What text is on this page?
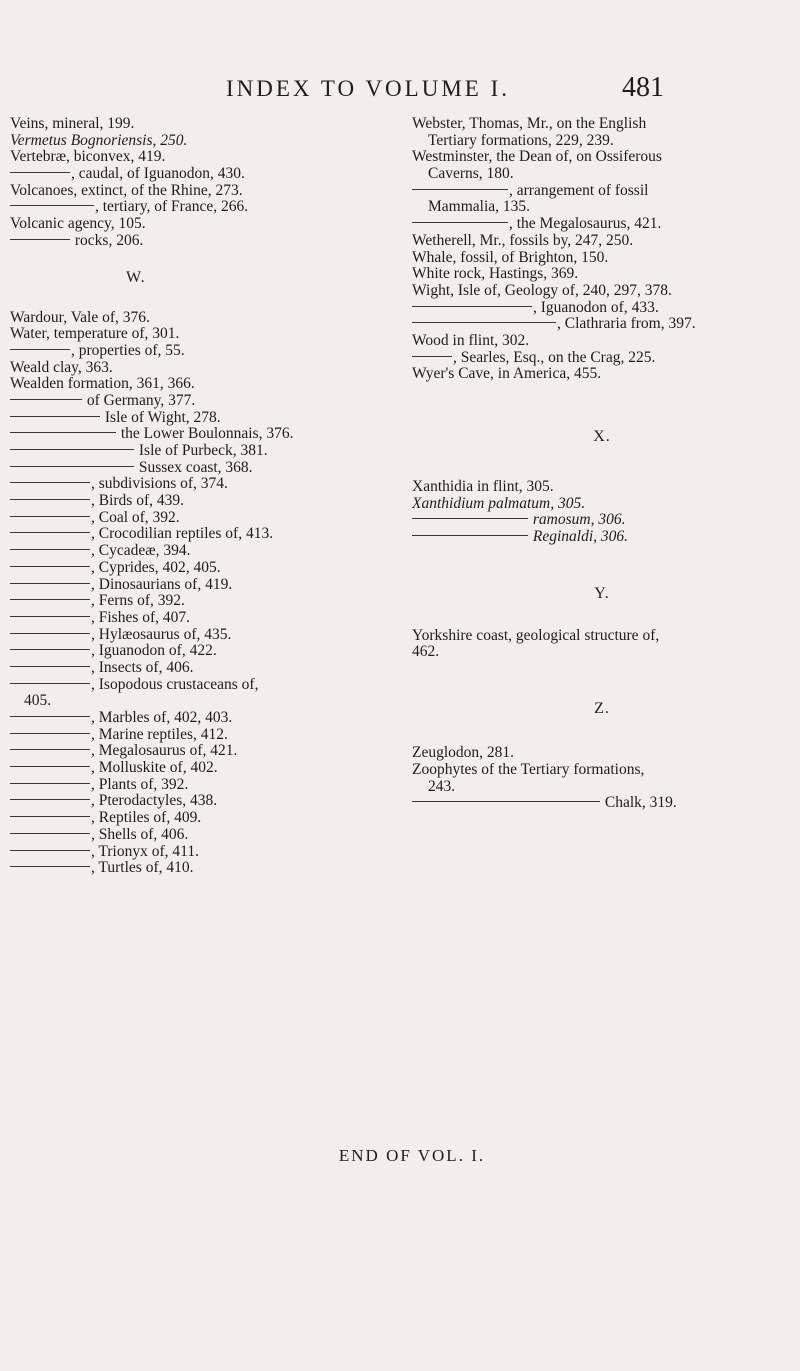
INDEX TO VOLUME I.	481
Veins, mineral, 199.
Vermetus Bognoriensis, 250.
Vertebræ, biconvex, 419.
, caudal, of Iguanodon, 430.
Volcanoes, extinct, of the Rhine, 273.
, tertiary, of France, 266.
Volcanic agency, 105.
rocks, 206.
W.
Wardour, Vale of, 376.
Water, temperature of, 301.
, properties of, 55.
Weald clay, 363.
Wealden formation, 361, 366.
of Germany, 377.
Isle of Wight, 278.
the Lower Boulonnais, 376.
Isle of Purbeck, 381.
Sussex coast, 368.
, subdivisions of, 374.
, Birds of, 439.
, Coal of, 392.
, Crocodilian reptiles of, 413.
, Cycadeæ, 394.
, Cyprides, 402, 405.
, Dinosaurians of, 419.
, Ferns of, 392.
, Fishes of, 407.
, Hylæosaurus of, 435.
, Iguanodon of, 422.
, Insects of, 406.
, Isopodous crustaceans of,
405.
, Marbles of, 402, 403.
, Marine reptiles, 412.
, Megalosaurus of, 421.
, Molluskite of, 402.
, Plants of, 392.
, Pterodactyles, 438.
, Reptiles of, 409.
, Shells of, 406.
, Trionyx of, 411.
, Turtles of, 410.
Webster, Thomas, Mr., on the English
Tertiary formations, 229, 239.
Westminster, the Dean of, on Ossiferous
Caverns, 180.
, arrangement of fossil
Mammalia, 135.
, the Megalosaurus, 421.
Wetherell, Mr., fossils by, 247, 250.
Whale, fossil, of Brighton, 150.
White rock, Hastings, 369.
Wight, Isle of, Geology of, 240, 297, 378.
, Iguanodon of, 433.
, Clathraria from, 397.
Wood in flint, 302.
, Searles, Esq., on the Crag, 225.
Wyer's Cave, in America, 455.
X.
Xanthidia in flint, 305.
Xanthidium palmatum, 305.
ramosum, 306.
Reginaldi, 306.
Y.
Yorkshire coast, geological structure of,
462.
Z.
Zeuglodon, 281.
Zoophytes of the Tertiary formations,
243.
Chalk, 319.
END OF VOL. I.
